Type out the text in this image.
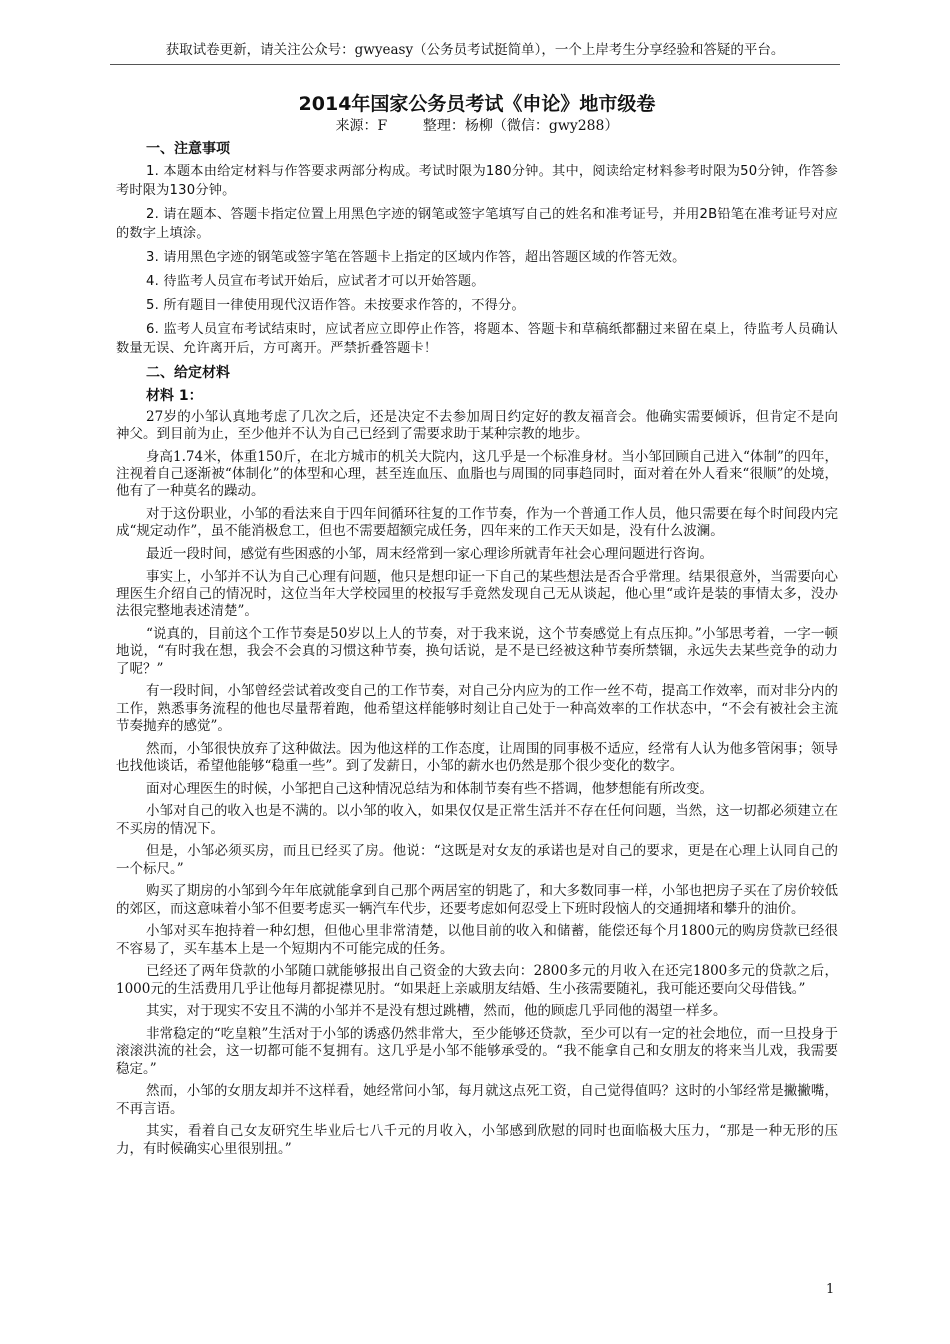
获取试卷更新，请关注公众号：gwyeasy（公务员考试挺简单），一个上岸考生分享经验和答疑的平台。
2014年国家公务员考试《申论》地市级卷

来源：F	整理：杨柳（微信：gwy288）

一、注意事项

1. 本题本由给定材料与作答要求两部分构成。考试时限为180分钟。其中，阅读给定材料参考时限为50分钟，作答参考时限为130分钟。

2. 请在题本、答题卡指定位置上用黑色字迹的钢笔或签字笔填写自己的姓名和准考证号，并用2B铅笔在准考证号对应的数字上填涂。

3. 请用黑色字迹的钢笔或签字笔在答题卡上指定的区域内作答，超出答题区域的作答无效。

4. 待监考人员宣布考试开始后，应试者才可以开始答题。

5. 所有题目一律使用现代汉语作答。未按要求作答的，不得分。

6. 监考人员宣布考试结束时，应试者应立即停止作答，将题本、答题卡和草稿纸都翻过来留在桌上，待监考人员确认数量无误、允许离开后，方可离开。严禁折叠答题卡！

二、给定材料
材料 1：

27岁的小邹认真地考虑了几次之后，还是决定不去参加周日约定好的教友福音会。他确实需要倾诉，但肯定不是向神父。到目前为止，至少他并不认为自己已经到了需要求助于某种宗教的地步。

身高1.74米，体重150斤，在北方城市的机关大院内，这几乎是一个标准身材。当小邹回顾自己进入“体制”的四年，注视着自己逐渐被“体制化”的体型和心理，甚至连血压、血脂也与周围的同事趋同时，面对着在外人看来“很顺”的处境，他有了一种莫名的躁动。

对于这份职业，小邹的看法来自于四年间循环往复的工作节奏，作为一个普通工作人员，他只需要在每个时间段内完成“规定动作”，虽不能消极怠工，但也不需要超额完成任务，四年来的工作天天如是，没有什么波澜。

最近一段时间，感觉有些困惑的小邹，周末经常到一家心理诊所就青年社会心理问题进行咨询。

事实上，小邹并不认为自己心理有问题，他只是想印证一下自己的某些想法是否合乎常理。结果很意外，当需要向心理医生介绍自己的情况时，这位当年大学校园里的校报写手竟然发现自己无从谈起，他心里“或许是装的事情太多，没办法很完整地表述清楚”。

“说真的，目前这个工作节奏是50岁以上人的节奏，对于我来说，这个节奏感觉上有点压抑。”小邹思考着，一字一顿地说，“有时我在想，我会不会真的习惯这种节奏，换句话说，是不是已经被这种节奏所禁锢，永远失去某些竞争的动力了呢？”

有一段时间，小邹曾经尝试着改变自己的工作节奏，对自己分内应为的工作一丝不苟，提高工作效率，而对非分内的工作，熟悉事务流程的他也尽量帮着跑，他希望这样能够时刻让自己处于一种高效率的工作状态中，“不会有被社会主流节奏抛弃的感觉”。

然而，小邹很快放弃了这种做法。因为他这样的工作态度，让周围的同事极不适应，经常有人认为他多管闲事；领导也找他谈话，希望他能够“稳重一些”。到了发薪日，小邹的薪水也仍然是那个很少变化的数字。

面对心理医生的时候，小邹把自己这种情况总结为和体制节奏有些不搭调，他梦想能有所改变。

小邹对自己的收入也是不满的。以小邹的收入，如果仅仅是正常生活并不存在任何问题，当然，这一切都必须建立在不买房的情况下。

但是，小邹必须买房，而且已经买了房。他说：“这既是对女友的承诺也是对自己的要求，更是在心理上认同自己的一个标尺。”

购买了期房的小邹到今年年底就能拿到自己那个两居室的钥匙了，和大多数同事一样，小邹也把房子买在了房价较低的郊区，而这意味着小邹不但要考虑买一辆汽车代步，还要考虑如何忍受上下班时段恼人的交通拥堵和攀升的油价。

小邹对买车抱持着一种幻想，但他心里非常清楚，以他目前的收入和储蓄，能偿还每个月1800元的购房贷款已经很不容易了，买车基本上是一个短期内不可能完成的任务。

已经还了两年贷款的小邹随口就能够报出自己资金的大致去向：2800多元的月收入在还完1800多元的贷款之后，1000元的生活费用几乎让他每月都捉襟见肘。“如果赶上亲戚朋友结婚、生小孩需要随礼，我可能还要向父母借钱。”

其实，对于现实不安且不满的小邹并不是没有想过跳槽，然而，他的顾虑几乎同他的渴望一样多。

非常稳定的“吃皇粮”生活对于小邹的诱惑仍然非常大，至少能够还贷款，至少可以有一定的社会地位，而一旦投身于滚滚洪流的社会，这一切都可能不复拥有。这几乎是小邹不能够承受的。“我不能拿自己和女朋友的将来当儿戏，我需要稳定。”

然而，小邹的女朋友却并不这样看，她经常问小邹，每月就这点死工资，自己觉得值吗？这时的小邹经常是撇撇嘴，不再言语。

其实，看着自己女友研究生毕业后七八千元的月收入，小邹感到欣慰的同时也面临极大压力，“那是一种无形的压力，有时候确实心里很别扭。”

1
